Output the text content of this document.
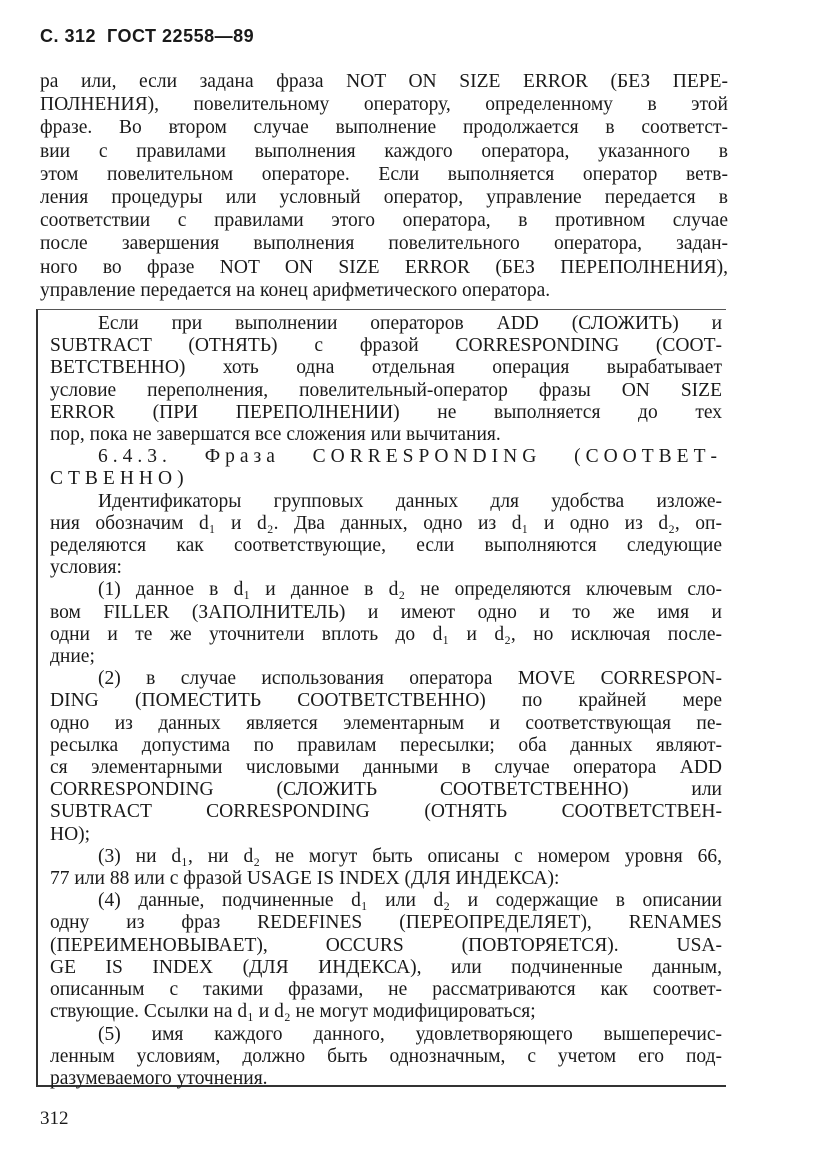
С. 312  ГОСТ 22558—89
ра или, если задана фраза NOT ON SIZE ERROR (БЕЗ ПЕРЕ-
ПОЛНЕНИЯ), повелительному оператору, определенному в этой
фразе. Во втором случае выполнение продолжается в соответст-
вии с правилами выполнения каждого оператора, указанного в
этом повелительном операторе. Если выполняется оператор ветв-
ления процедуры или условный оператор, управление передается в
соответствии с правилами этого оператора, в противном случае
после завершения выполнения повелительного оператора, задан-
ного во фразе NOT ON SIZE ERROR (БЕЗ ПЕРЕПОЛНЕНИЯ),
управление передается на конец арифметического оператора.
Если при выполнении операторов ADD (СЛОЖИТЬ) и
SUBTRACT (ОТНЯТЬ) с фразой CORRESPONDING (СООТ-
ВЕТСТВЕННО) хоть одна отдельная операция вырабатывает
условие переполнения, повелительный-оператор фразы ON SIZE
ERROR (ПРИ ПЕРЕПОЛНЕНИИ) не выполняется до тех
пор, пока не завершатся все сложения или вычитания.
6.4.3. Фраза CORRESPONDING (СООТВЕТ-
СТВЕННО)
Идентификаторы групповых данных для удобства изложе-
ния обозначим d₁ и d₂. Два данных, одно из d₁ и одно из d₂, оп-
ределяются как соответствующие, если выполняются следующие
условия:
(1) данное в d₁ и данное в d₂ не определяются ключевым сло-
вом FILLER (ЗАПОЛНИТЕЛЬ) и имеют одно и то же имя и
одни и те же уточнители вплоть до d₁ и d₂, но исключая после-
дние;
(2) в случае использования оператора MOVE CORRESPON-
DING (ПОМЕСТИТЬ СООТВЕТСТВЕННО) по крайней мере
одно из данных является элементарным и соответствующая пе-
ресылка допустима по правилам пересылки; оба данных являют-
ся элементарными числовыми данными в случае оператора ADD
CORRESPONDING (СЛОЖИТЬ СООТВЕТСТВЕННО) или
SUBTRACT CORRESPONDING (ОТНЯТЬ СООТВЕТСТВЕН-
НО);
(3) ни d₁, ни d₂ не могут быть описаны с номером уровня 66,
77 или 88 или с фразой USAGE IS INDEX (ДЛЯ ИНДЕКСА):
(4) данные, подчиненные d₁ или d₂ и содержащие в описании
одну из фраз REDEFINES (ПЕРЕОПРЕДЕЛЯЕТ), RENAMES
(ПЕРЕИМЕНОВЫВАЕТ), OCCURS (ПОВТОРЯЕТСЯ). USA-
GE IS INDEX (ДЛЯ ИНДЕКСА), или подчиненные данным,
описанным с такими фразами, не рассматриваются как соответ-
ствующие. Ссылки на d₁ и d₂ не могут модифицироваться;
(5) имя каждого данного, удовлетворяющего вышеперечис-
ленным условиям, должно быть однозначным, с учетом его под-
разумеваемого уточнения.
312
